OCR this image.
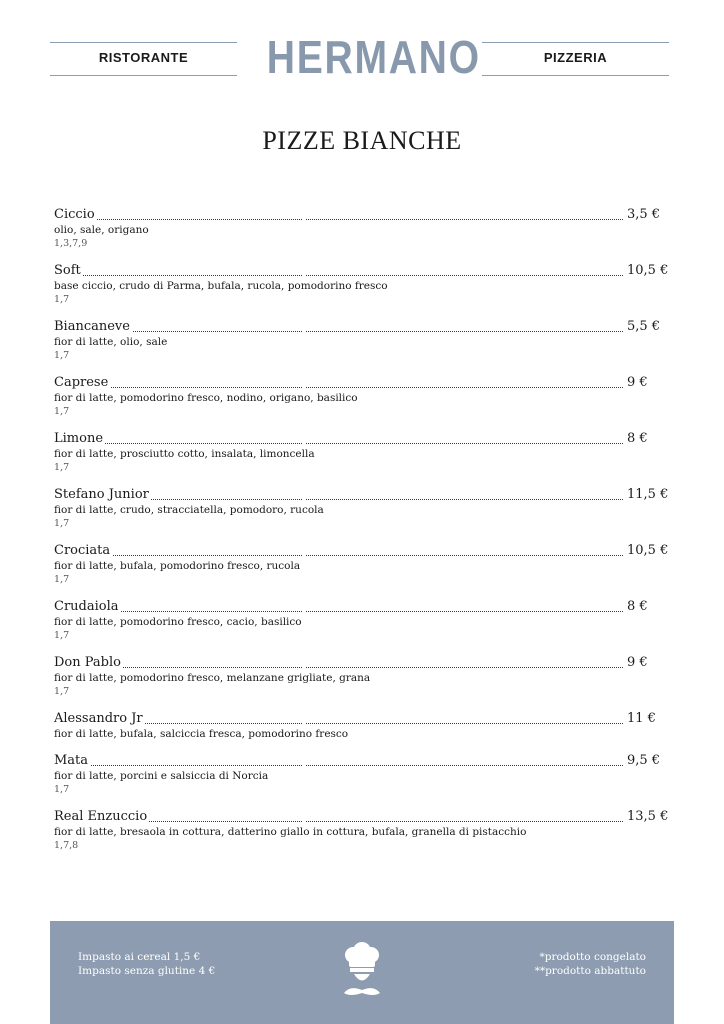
RISTORANTE	HERMANO	PIZZERIA
PIZZE BIANCHE
Ciccio	3,5 €
olio, sale, origano
1,3,7,9
Soft	10,5 €
base ciccio, crudo di Parma, bufala, rucola, pomodorino fresco
1,7
Biancaneve	5,5 €
fior di latte, olio, sale
1,7
Caprese	9 €
fior di latte, pomodorino fresco, nodino, origano, basilico
1,7
Limone	8 €
fior di latte, prosciutto cotto, insalata, limoncella
1,7
Stefano Junior	11,5 €
fior di latte, crudo, stracciatella, pomodoro, rucola
1,7
Crociata	10,5 €
fior di latte, bufala, pomodorino fresco, rucola
1,7
Crudaiola	8 €
fior di latte, pomodorino fresco, cacio, basilico
1,7
Don Pablo	9 €
fior di latte, pomodorino fresco, melanzane grigliate, grana
1,7
Alessandro Jr	11 €
fior di latte, bufala, salciccia fresca, pomodorino fresco
Mata	9,5 €
fior di latte, porcini e salsiccia di Norcia
1,7
Real Enzuccio	13,5 €
fior di latte, bresaola in cottura, datterino giallo in cottura, bufala, granella di pistacchio
1,7,8
Impasto ai cereal 1,5 €
Impasto senza glutine 4 €
*prodotto congelato
**prodotto abbattuto
